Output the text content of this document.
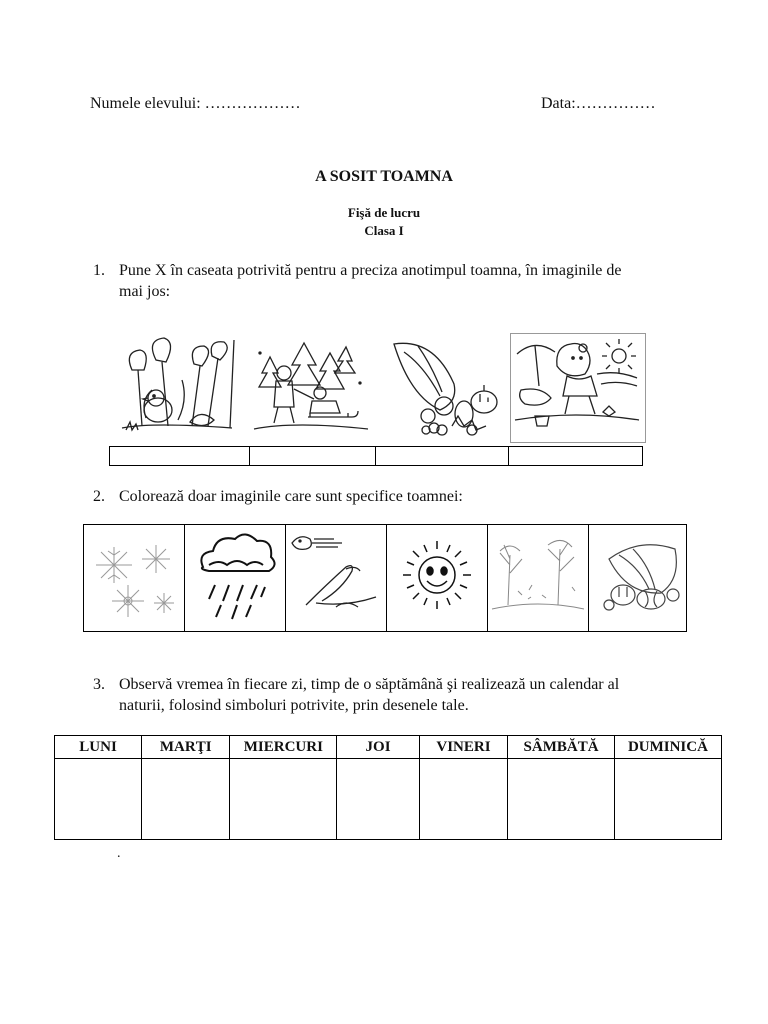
Numele elevului: ………………	Data:……………
A SOSIT TOAMNA
Fişă de lucru
Clasa I
1. Pune X în caseata potrivită pentru a preciza anotimpul toamna, în imaginile de
mai jos:
2. Colorează doar imaginile care sunt specifice toamnei:
3. Observă vremea în fiecare zi, timp de o săptămână şi realizează un calendar al
naturii, folosind simboluri potrivite, prin desenele tale.
LUNI	MARŢI	MIERCURI	JOI	VINERI	SÂMBĂTĂ	DUMINICĂ

.
